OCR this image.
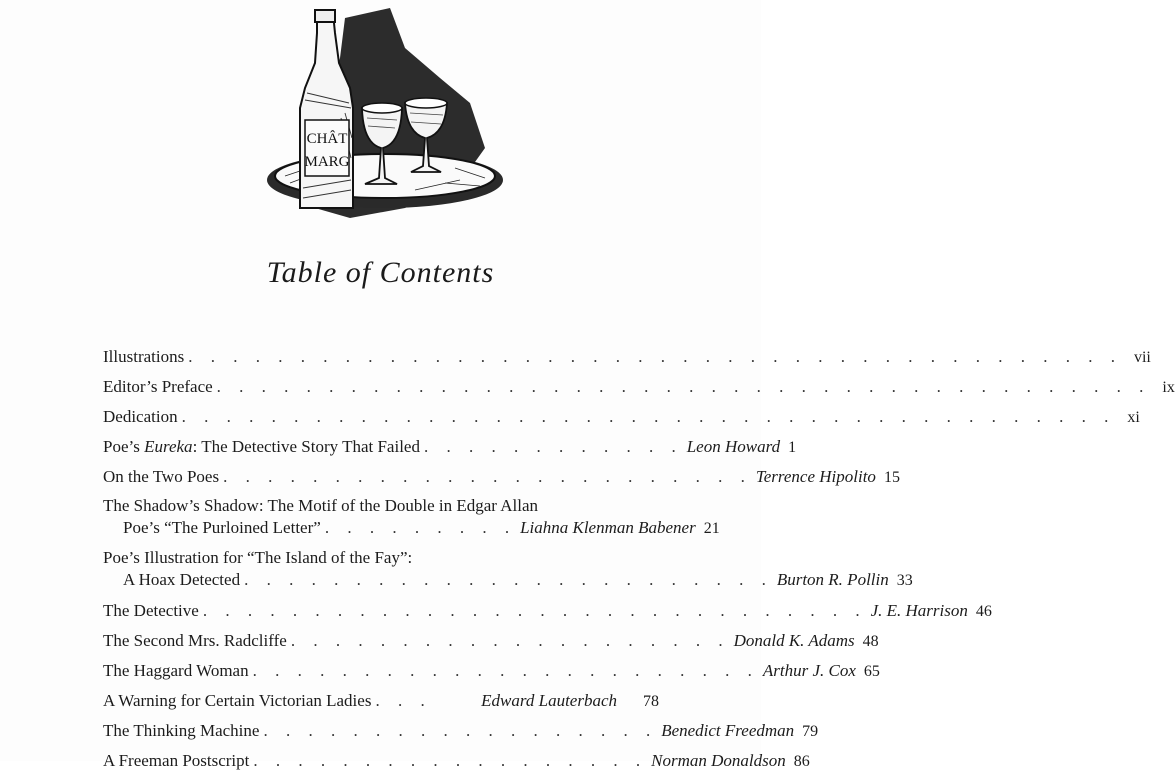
CHÂT
MARG
Table of Contents
Illustrations . . . . . . . . . . . . . . . . . . . . . . . . . . . . . . . . . . . . . . . . . . vii
Editor’s Preface . . . . . . . . . . . . . . . . . . . . . . . . . . . . . . . . . . . . . . . . . . ix
Dedication . . . . . . . . . . . . . . . . . . . . . . . . . . . . . . . . . . . . . . . . . . xi
Poe’s Eureka: The Detective Story That Failed . . . . . . . . . . . . Leon Howard 1
On the Two Poes . . . . . . . . . . . . . . . . . . . . . . . . Terrence Hipolito 15
The Shadow’s Shadow: The Motif of the Double in Edgar Allan
Poe’s “The Purloined Letter” . . . . . . . . . Liahna Klenman Babener 21
Poe’s Illustration for “The Island of the Fay”:
A Hoax Detected . . . . . . . . . . . . . . . . . . . . . . . . Burton R. Pollin 33
The Detective . . . . . . . . . . . . . . . . . . . . . . . . . . . . . . J. E. Harrison 46
The Second Mrs. Radcliffe . . . . . . . . . . . . . . . . . . . . Donald K. Adams 48
The Haggard Woman . . . . . . . . . . . . . . . . . . . . . . . Arthur J. Cox 65
A Warning for Certain Victorian Ladies . . .	Edward Lauterbach	78
The Thinking Machine . . . . . . . . . . . . . . . . . . Benedict Freedman 79
A Freeman Postscript . . . . . . . . . . . . . . . . . . Norman Donaldson 86
